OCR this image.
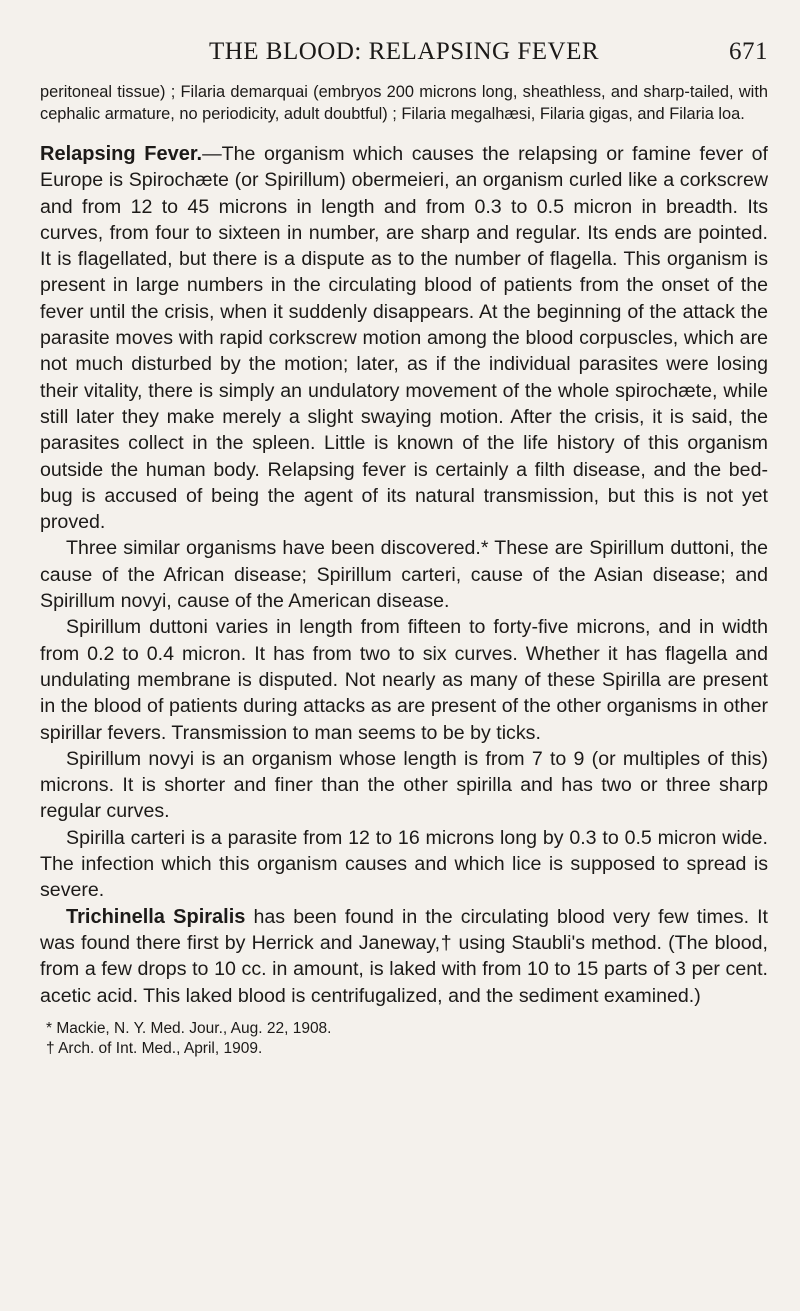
THE BLOOD: RELAPSING FEVER	671
peritoneal tissue) ; Filaria demarquai (embryos 200 microns long, sheathless, and sharp-tailed, with cephalic armature, no periodicity, adult doubtful) ; Filaria megalhæsi, Filaria gigas, and Filaria loa.

Relapsing Fever.—The organism which causes the relapsing or famine fever of Europe is Spirochæte (or Spirillum) obermeieri, an organism curled like a corkscrew and from 12 to 45 microns in length and from 0.3 to 0.5 micron in breadth. Its curves, from four to sixteen in number, are sharp and regular. Its ends are pointed. It is flagellated, but there is a dispute as to the number of flagella. This organism is present in large numbers in the circulating blood of patients from the onset of the fever until the crisis, when it suddenly disappears. At the beginning of the attack the parasite moves with rapid corkscrew motion among the blood corpuscles, which are not much disturbed by the motion; later, as if the individual parasites were losing their vitality, there is simply an undulatory movement of the whole spirochæte, while still later they make merely a slight swaying motion. After the crisis, it is said, the parasites collect in the spleen. Little is known of the life history of this organism outside the human body. Relapsing fever is certainly a filth disease, and the bed-bug is accused of being the agent of its natural transmission, but this is not yet proved.

Three similar organisms have been discovered.* These are Spirillum duttoni, the cause of the African disease; Spirillum carteri, cause of the Asian disease; and Spirillum novyi, cause of the American disease.

Spirillum duttoni varies in length from fifteen to forty-five microns, and in width from 0.2 to 0.4 micron. It has from two to six curves. Whether it has flagella and undulating membrane is disputed. Not nearly as many of these Spirilla are present in the blood of patients during attacks as are present of the other organisms in other spirillar fevers. Transmission to man seems to be by ticks.

Spirillum novyi is an organism whose length is from 7 to 9 (or multiples of this) microns. It is shorter and finer than the other spirilla and has two or three sharp regular curves.

Spirilla carteri is a parasite from 12 to 16 microns long by 0.3 to 0.5 micron wide. The infection which this organism causes and which lice is supposed to spread is severe.

Trichinella Spiralis has been found in the circulating blood very few times. It was found there first by Herrick and Janeway,† using Staubli's method. (The blood, from a few drops to 10 cc. in amount, is laked with from 10 to 15 parts of 3 per cent. acetic acid. This laked blood is centrifugalized, and the sediment examined.)

* Mackie, N. Y. Med. Jour., Aug. 22, 1908.
† Arch. of Int. Med., April, 1909.
